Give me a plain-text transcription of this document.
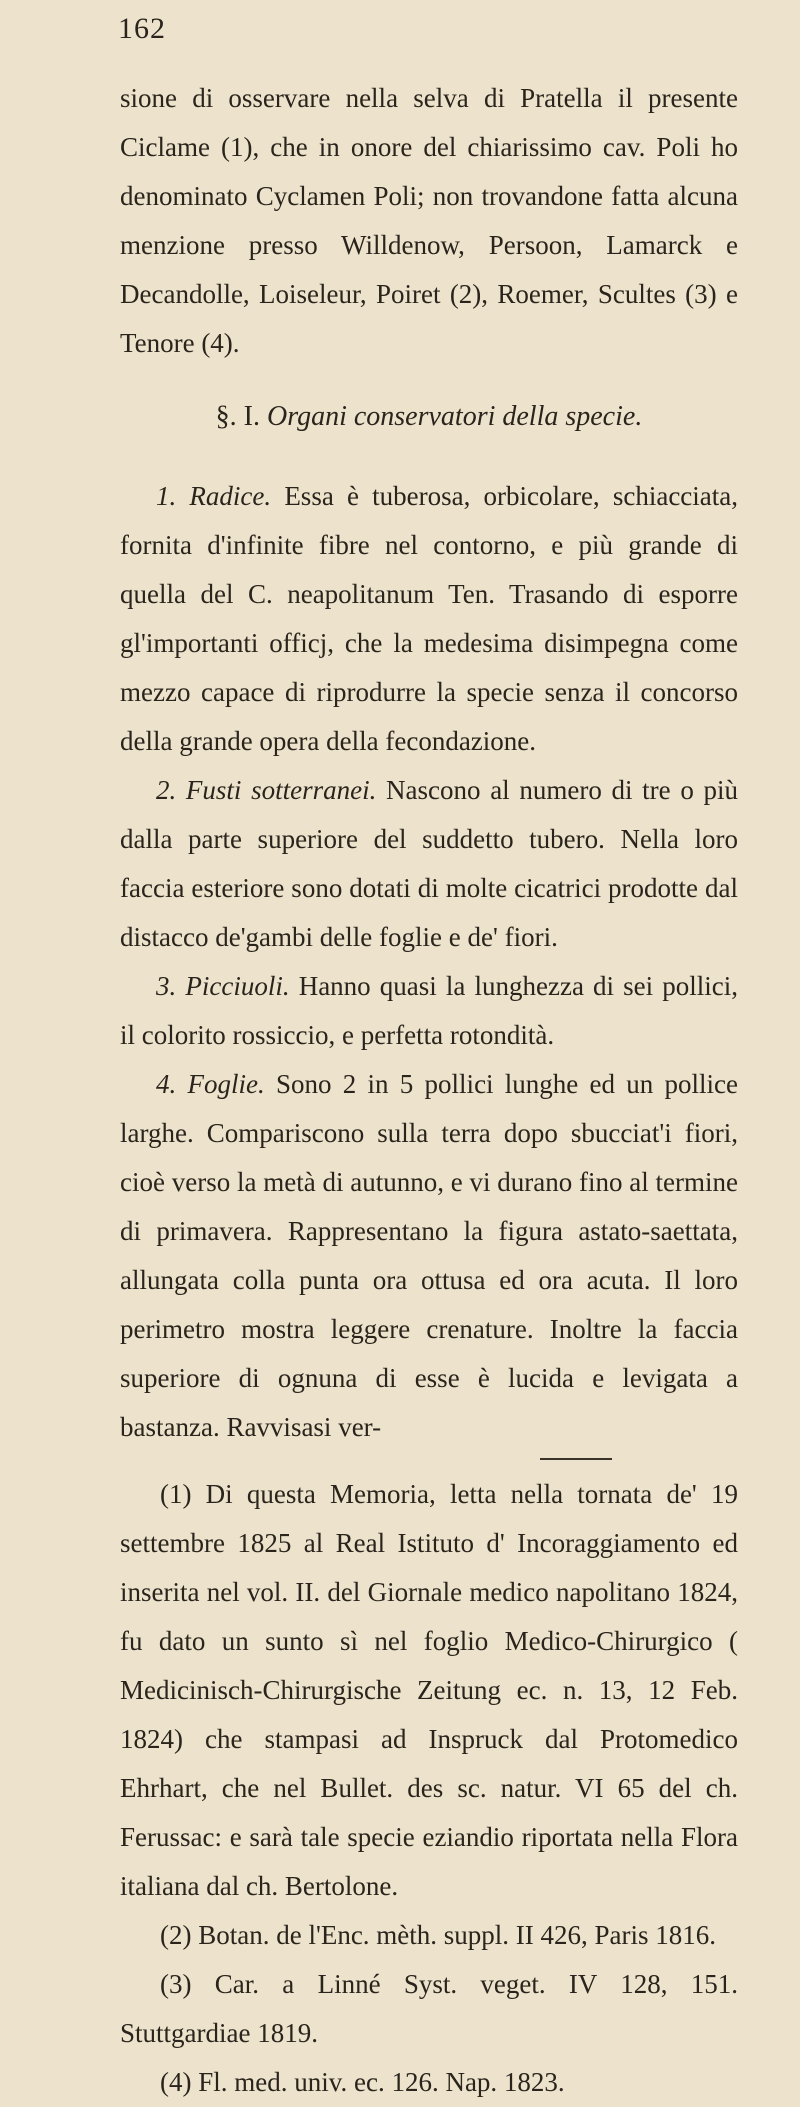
162

sione di osservare nella selva di Pratella il presente Ciclame (1), che in onore del chiarissimo cav. Poli ho denominato Cyclamen Poli; non trovandone fatta alcuna menzione presso Willdenow, Persoon, Lamarck e Decandolle, Loiseleur, Poiret (2), Roemer, Scultes (3) e Tenore (4).

§. I. Organi conservatori della specie.

1. Radice. Essa è tuberosa, orbicolare, schiacciata, fornita d'infinite fibre nel contorno, e più grande di quella del C. neapolitanum Ten. Trasando di esporre gl'importanti officj, che la medesima disimpegna come mezzo capace di riprodurre la specie senza il concorso della grande opera della fecondazione.

2. Fusti sotterranei. Nascono al numero di tre o più dalla parte superiore del suddetto tubero. Nella loro faccia esteriore sono dotati di molte cicatrici prodotte dal distacco de'gambi delle foglie e de' fiori.

3. Picciuoli. Hanno quasi la lunghezza di sei pollici, il colorito rossiccio, e perfetta rotondità.

4. Foglie. Sono 2 in 5 pollici lunghe ed un pollice larghe. Compariscono sulla terra dopo sbucciat'i fiori, cioè verso la metà di autunno, e vi durano fino al termine di primavera. Rappresentano la figura astato-saettata, allungata colla punta ora ottusa ed ora acuta. Il loro perimetro mostra leggere crenature. Inoltre la faccia superiore di ognuna di esse è lucida e levigata a bastanza. Ravvisasi ver-

(1) Di questa Memoria, letta nella tornata de' 19 settembre 1825 al Real Istituto d' Incoraggiamento ed inserita nel vol. II. del Giornale medico napolitano 1824, fu dato un sunto sì nel foglio Medico-Chirurgico ( Medicinisch-Chirurgische Zeitung ec. n. 13, 12 Feb. 1824) che stampasi ad Inspruck dal Protomedico Ehrhart, che nel Bullet. des sc. natur. VI 65 del ch. Ferussac: e sarà tale specie eziandio riportata nella Flora italiana dal ch. Bertolone.

(2) Botan. de l'Enc. mèth. suppl. II 426, Paris 1816.

(3) Car. a Linné Syst. veget. IV 128, 151. Stuttgardiae 1819.

(4) Fl. med. univ. ec. 126. Nap. 1823.
